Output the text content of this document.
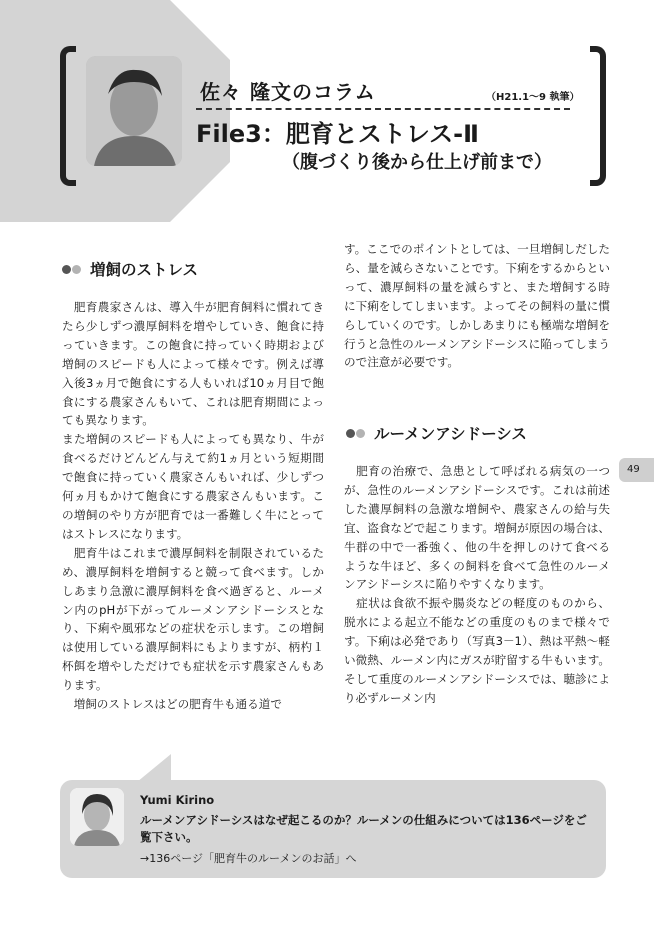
佐々 隆文のコラム	（H21.1～9 執筆）
File3：肥育とストレス-Ⅱ
（腹づくり後から仕上げ前まで）
増飼のストレス

　肥育農家さんは、導入牛が肥育飼料に慣れてきたら少しずつ濃厚飼料を増やしていき、飽食に持っていきます。この飽食に持っていく時期および増飼のスピードも人によって様々です。例えば導入後3ヵ月で飽食にする人もいれば10ヵ月目で飽食にする農家さんもいて、これは肥育期間によっても異なります。
また増飼のスピードも人によっても異なり、牛が食べるだけどんどん与えて約1ヵ月という短期間で飽食に持っていく農家さんもいれば、少しずつ何ヵ月もかけて飽食にする農家さんもいます。この増飼のやり方が肥育では一番難しく牛にとってはストレスになります。
　肥育牛はこれまで濃厚飼料を制限されているため、濃厚飼料を増飼すると競って食べます。しかしあまり急激に濃厚飼料を食べ過ぎると、ルーメン内のpHが下がってルーメンアシドーシスとなり、下痢や風邪などの症状を示します。この増飼は使用している濃厚飼料にもよりますが、柄杓１杯餌を増やしただけでも症状を示す農家さんもあります。
　増飼のストレスはどの肥育牛も通る道で

す。ここでのポイントとしては、一旦増飼しだしたら、量を減らさないことです。下痢をするからといって、濃厚飼料の量を減らすと、また増飼する時に下痢をしてしまいます。よってその飼料の量に慣らしていくのです。しかしあまりにも極端な増飼を行うと急性のルーメンアシドーシスに陥ってしまうので注意が必要です。

ルーメンアシドーシス

　肥育の治療で、急患として呼ばれる病気の一つが、急性のルーメンアシドーシスです。これは前述した濃厚飼料の急激な増飼や、農家さんの給与失宜、盗食などで起こります。増飼が原因の場合は、牛群の中で一番強く、他の牛を押しのけて食べるような牛ほど、多くの飼料を食べて急性のルーメンアシドーシスに陥りやすくなります。
　症状は食欲不振や腸炎などの軽度のものから、脱水による起立不能などの重度のものまで様々です。下痢は必発であり（写真3－1）、熱は平熱～軽い微熱、ルーメン内にガスが貯留する牛もいます。そして重度のルーメンアシドーシスでは、聴診により必ずルーメン内

49
Yumi Kirino

ルーメンアシドーシスはなぜ起こるのか？ルーメンの仕組みについては136ページをご覧下さい。

→136ページ「肥育牛のルーメンのお話」へ
